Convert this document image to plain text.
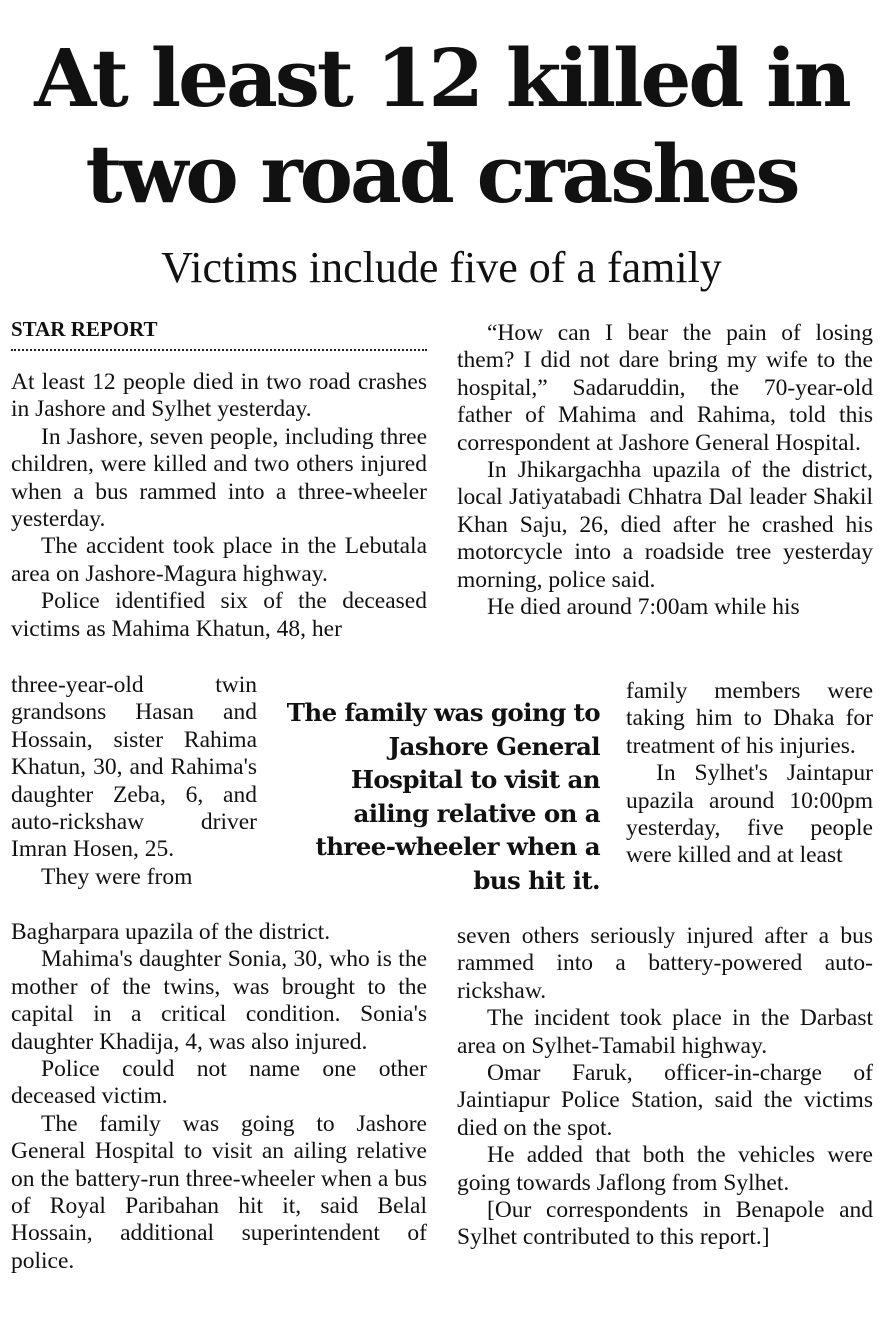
At least 12 killed in
two road crashes
Victims include five of a family
STAR REPORT

At least 12 people died in two road crashes in Jashore and Sylhet yesterday.

In Jashore, seven people, including three children, were killed and two others injured when a bus rammed into a three-wheeler yesterday.

The accident took place in the Lebutala area on Jashore-Magura highway.

Police identified six of the deceased victims as Mahima Khatun, 48, her

three-year-old twin grandsons Hasan and Hossain, sister Rahima Khatun, 30, and Rahima's daughter Zeba, 6, and auto-rickshaw driver Imran Hosen, 25.

They were from

Bagharpara upazila of the district.

Mahima's daughter Sonia, 30, who is the mother of the twins, was brought to the capital in a critical condition. Sonia's daughter Khadija, 4, was also injured.

Police could not name one other deceased victim.

The family was going to Jashore General Hospital to visit an ailing relative on the battery-run three-wheeler when a bus of Royal Paribahan hit it, said Belal Hossain, additional superintendent of police.

The family was going to Jashore General Hospital to visit an ailing relative on a three-wheeler when a bus hit it.

“How can I bear the pain of losing them? I did not dare bring my wife to the hospital,” Sadaruddin, the 70-year-old father of Mahima and Rahima, told this correspondent at Jashore General Hospital.

In Jhikargachha upazila of the district, local Jatiyatabadi Chhatra Dal leader Shakil Khan Saju, 26, died after he crashed his motorcycle into a roadside tree yesterday morning, police said.

He died around 7:00am while his

family members were taking him to Dhaka for treatment of his injuries.

In Sylhet's Jaintapur upazila around 10:00pm yesterday, five people were killed and at least

seven others seriously injured after a bus rammed into a battery-powered auto-rickshaw.

The incident took place in the Darbast area on Sylhet-Tamabil highway.

Omar Faruk, officer-in-charge of Jaintiapur Police Station, said the victims died on the spot.

He added that both the vehicles were going towards Jaflong from Sylhet.

[Our correspondents in Benapole and Sylhet contributed to this report.]
